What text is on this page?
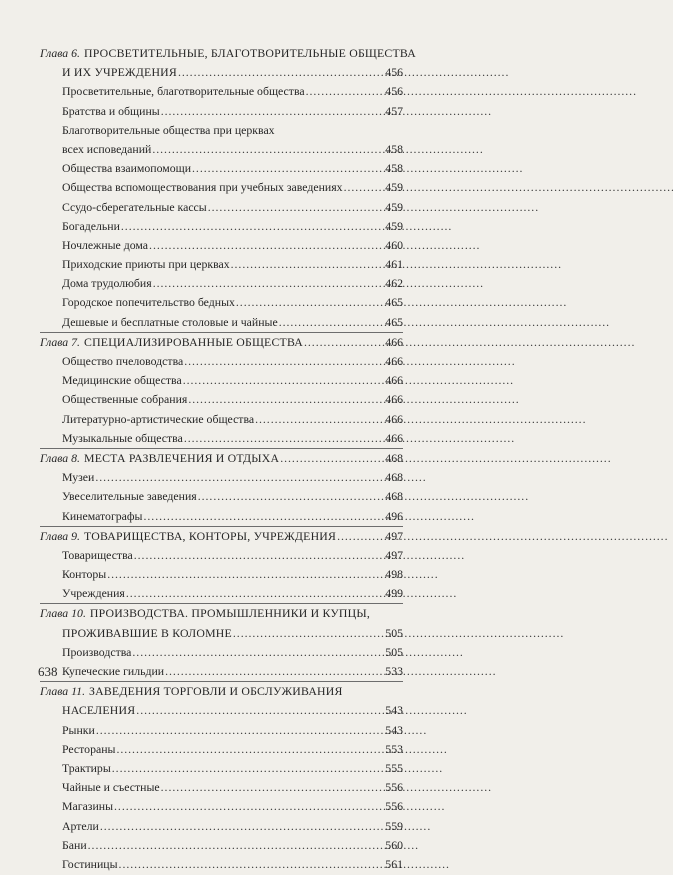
Глава 6. ПРОСВЕТИТЕЛЬНЫЕ, БЛАГОТВОРИТЕЛЬНЫЕ ОБЩЕСТВА
И ИХ УЧРЕЖДЕНИЯ . . .	456
Просветительные, благотворительные общества . . .	456
Братства и общины . . .	457
Благотворительные общества при церквах
всех исповеданий . . .	458
Общества взаимопомощи . . .	458
Общества вспомоществования при учебных заведениях . . .	459
Ссудо-сберегательные кассы . . .	459
Богадельни . . .	459
Ночлежные дома . . .	460
Приходские приюты при церквах . . .	461
Дома трудолюбия . . .	462
Городское попечительство бедных . . .	465
Дешевые и бесплатные столовые и чайные . . .	465
Глава 7. СПЕЦИАЛИЗИРОВАННЫЕ ОБЩЕСТВА . . .	466
Общество пчеловодства . . .	466
Медицинские общества . . .	466
Общественные собрания . . .	466
Литературно-артистические общества . . .	466
Музыкальные общества . . .	466
Глава 8. МЕСТА РАЗВЛЕЧЕНИЯ И ОТДЫХА . . .	468
Музеи . . .	468
Увеселительные заведения . . .	468
Кинематографы . . .	496
Глава 9. ТОВАРИЩЕСТВА, КОНТОРЫ, УЧРЕЖДЕНИЯ . . .	497
Товарищества . . .	497
Конторы . . .	498
Учреждения . . .	499
Глава 10. ПРОИЗВОДСТВА. ПРОМЫШЛЕННИКИ И КУПЦЫ,
ПРОЖИВАВШИЕ В КОЛОМНЕ . . .	505
Производства . . .	505
Купеческие гильдии . . .	533
Глава 11. ЗАВЕДЕНИЯ ТОРГОВЛИ И ОБСЛУЖИВАНИЯ
НАСЕЛЕНИЯ . . .	543
Рынки . . .	543
Рестораны . . .	553
Трактиры . . .	555
Чайные и съестные . . .	556
Магазины . . .	556
Артели . . .	559
Бани . . .	560
Гостиницы . . .	561
638
